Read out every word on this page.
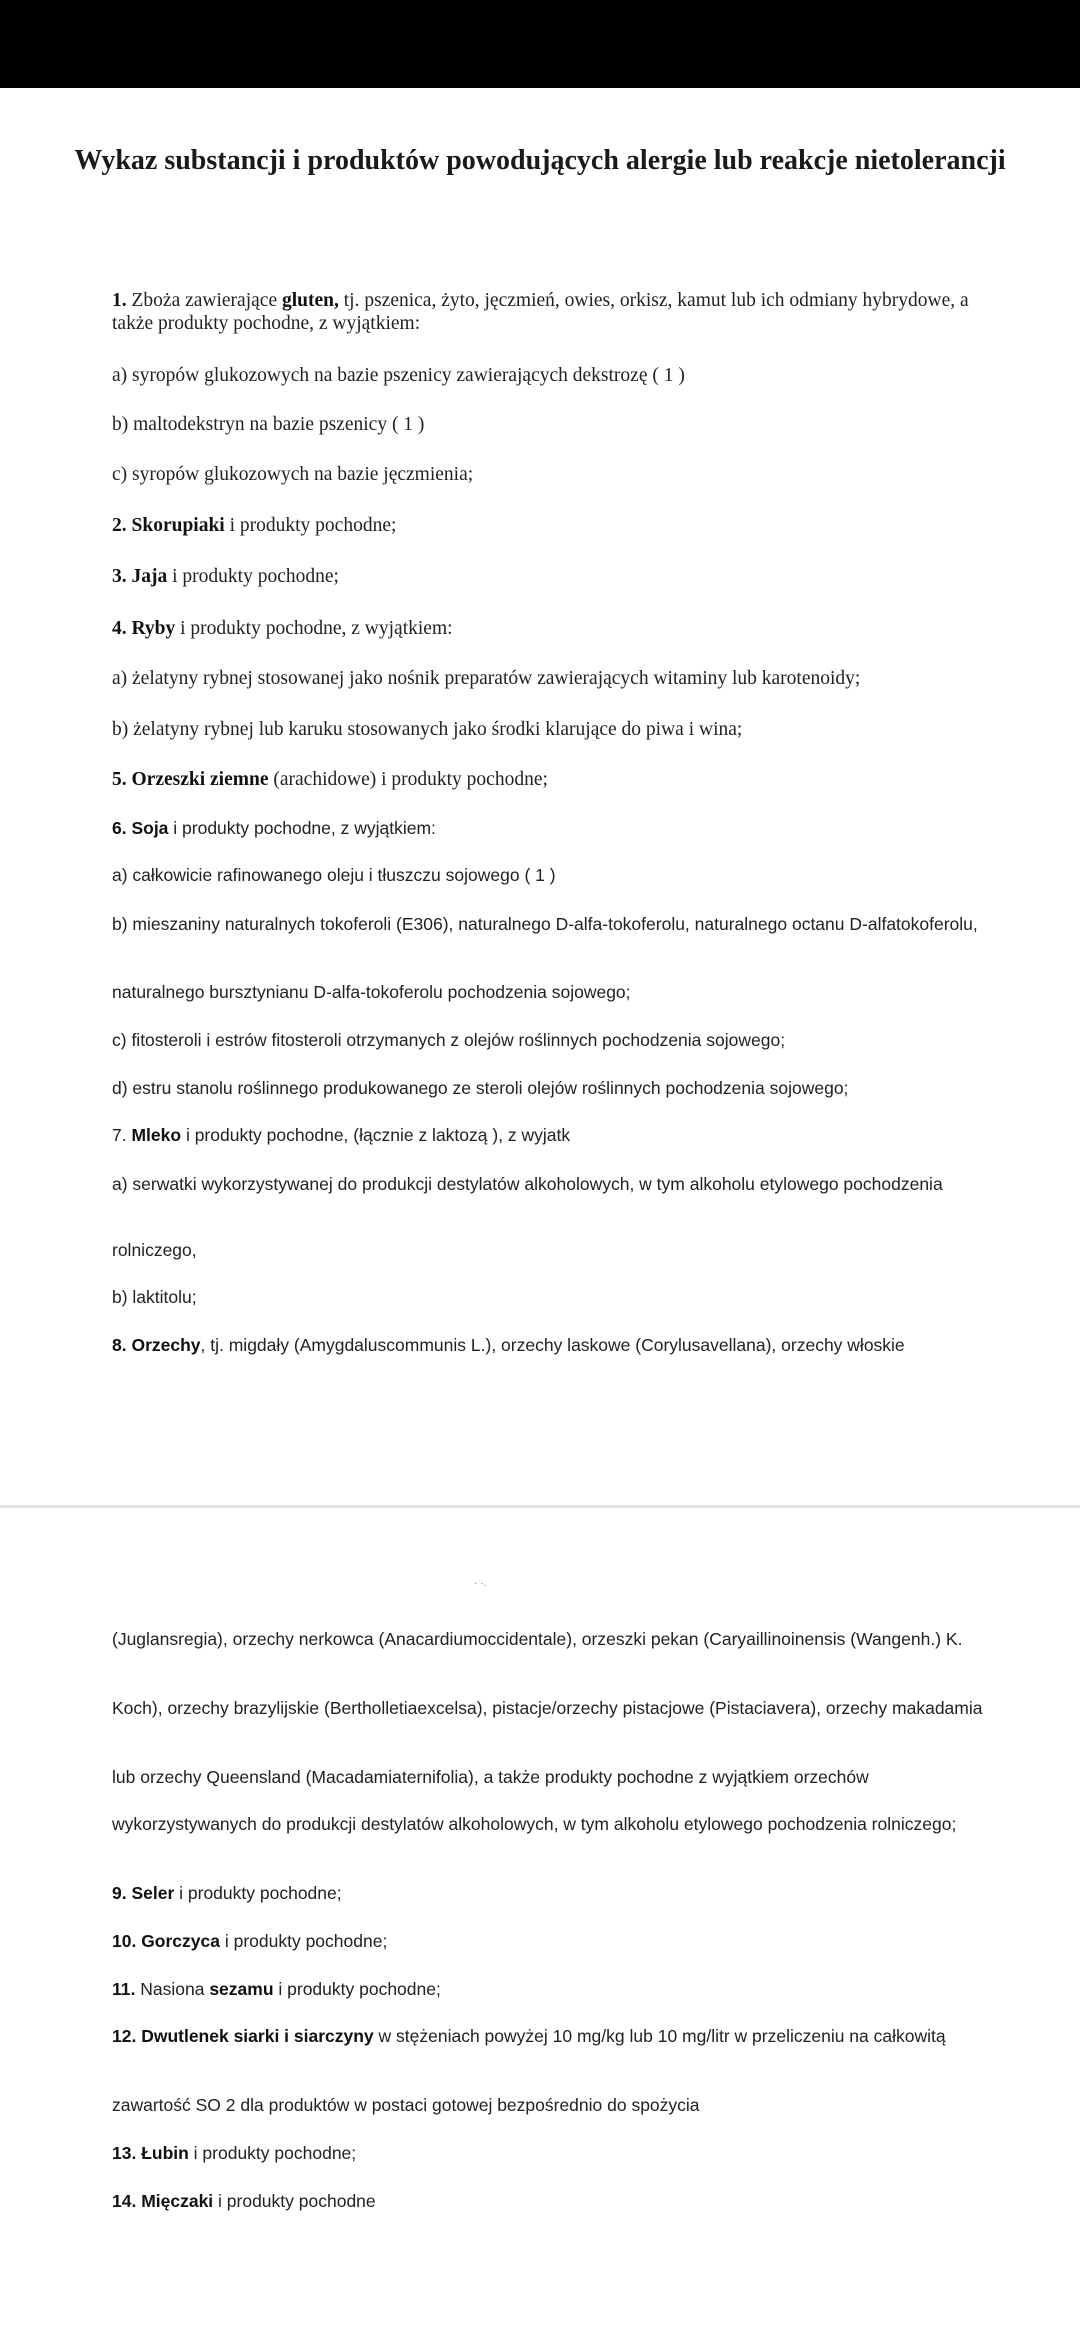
Wykaz substancji i produktów powodujących alergie lub reakcje nietolerancji
1. Zboża zawierające gluten, tj. pszenica, żyto, jęczmień, owies, orkisz, kamut lub ich odmiany hybrydowe, a także produkty pochodne, z wyjątkiem:
a) syropów glukozowych na bazie pszenicy zawierających dekstrozę ( 1 )
b) maltodekstryn na bazie pszenicy ( 1 )
c) syropów glukozowych na bazie jęczmienia;
2. Skorupiaki i produkty pochodne;
3. Jaja i produkty pochodne;
4. Ryby i produkty pochodne, z wyjątkiem:
a) żelatyny rybnej stosowanej jako nośnik preparatów zawierających witaminy lub karotenoidy;
b) żelatyny rybnej lub karuku stosowanych jako środki klarujące do piwa i wina;
5. Orzeszki ziemne (arachidowe) i produkty pochodne;
6. Soja i produkty pochodne, z wyjątkiem:
a) całkowicie rafinowanego oleju i tłuszczu sojowego ( 1 )
b) mieszaniny naturalnych tokoferoli (E306), naturalnego D-alfa-tokoferolu, naturalnego octanu D-alfatokoferolu,
naturalnego bursztynianu D-alfa-tokoferolu pochodzenia sojowego;
c) fitosteroli i estrów fitosteroli otrzymanych z olejów roślinnych pochodzenia sojowego;
d) estru stanolu roślinnego produkowanego ze steroli olejów roślinnych pochodzenia sojowego;
7. Mleko i produkty pochodne, (łącznie z laktozą ), z wyjatk
a) serwatki wykorzystywanej do produkcji destylatów alkoholowych, w tym alkoholu etylowego pochodzenia
rolniczego,
b) laktitolu;
8. Orzechy, tj. migdały (Amygdaluscommunis L.), orzechy laskowe (Corylusavellana), orzechy włoskie
· ·.
(Juglansregia), orzechy nerkowca (Anacardiumoccidentale), orzeszki pekan (Caryaillinoinensis (Wangenh.) K.
Koch), orzechy brazylijskie (Bertholletiaexcelsa), pistacje/orzechy pistacjowe (Pistaciavera), orzechy makadamia
lub orzechy Queensland (Macadamiaternifolia), a także produkty pochodne z wyjątkiem orzechów
wykorzystywanych do produkcji destylatów alkoholowych, w tym alkoholu etylowego pochodzenia rolniczego;
9. Seler i produkty pochodne;
10. Gorczyca i produkty pochodne;
11. Nasiona sezamu i produkty pochodne;
12. Dwutlenek siarki i siarczyny w stężeniach powyżej 10 mg/kg lub 10 mg/litr w przeliczeniu na całkowitą
zawartość SO 2 dla produktów w postaci gotowej bezpośrednio do spożycia
13. Łubin i produkty pochodne;
14. Mięczaki i produkty pochodne
